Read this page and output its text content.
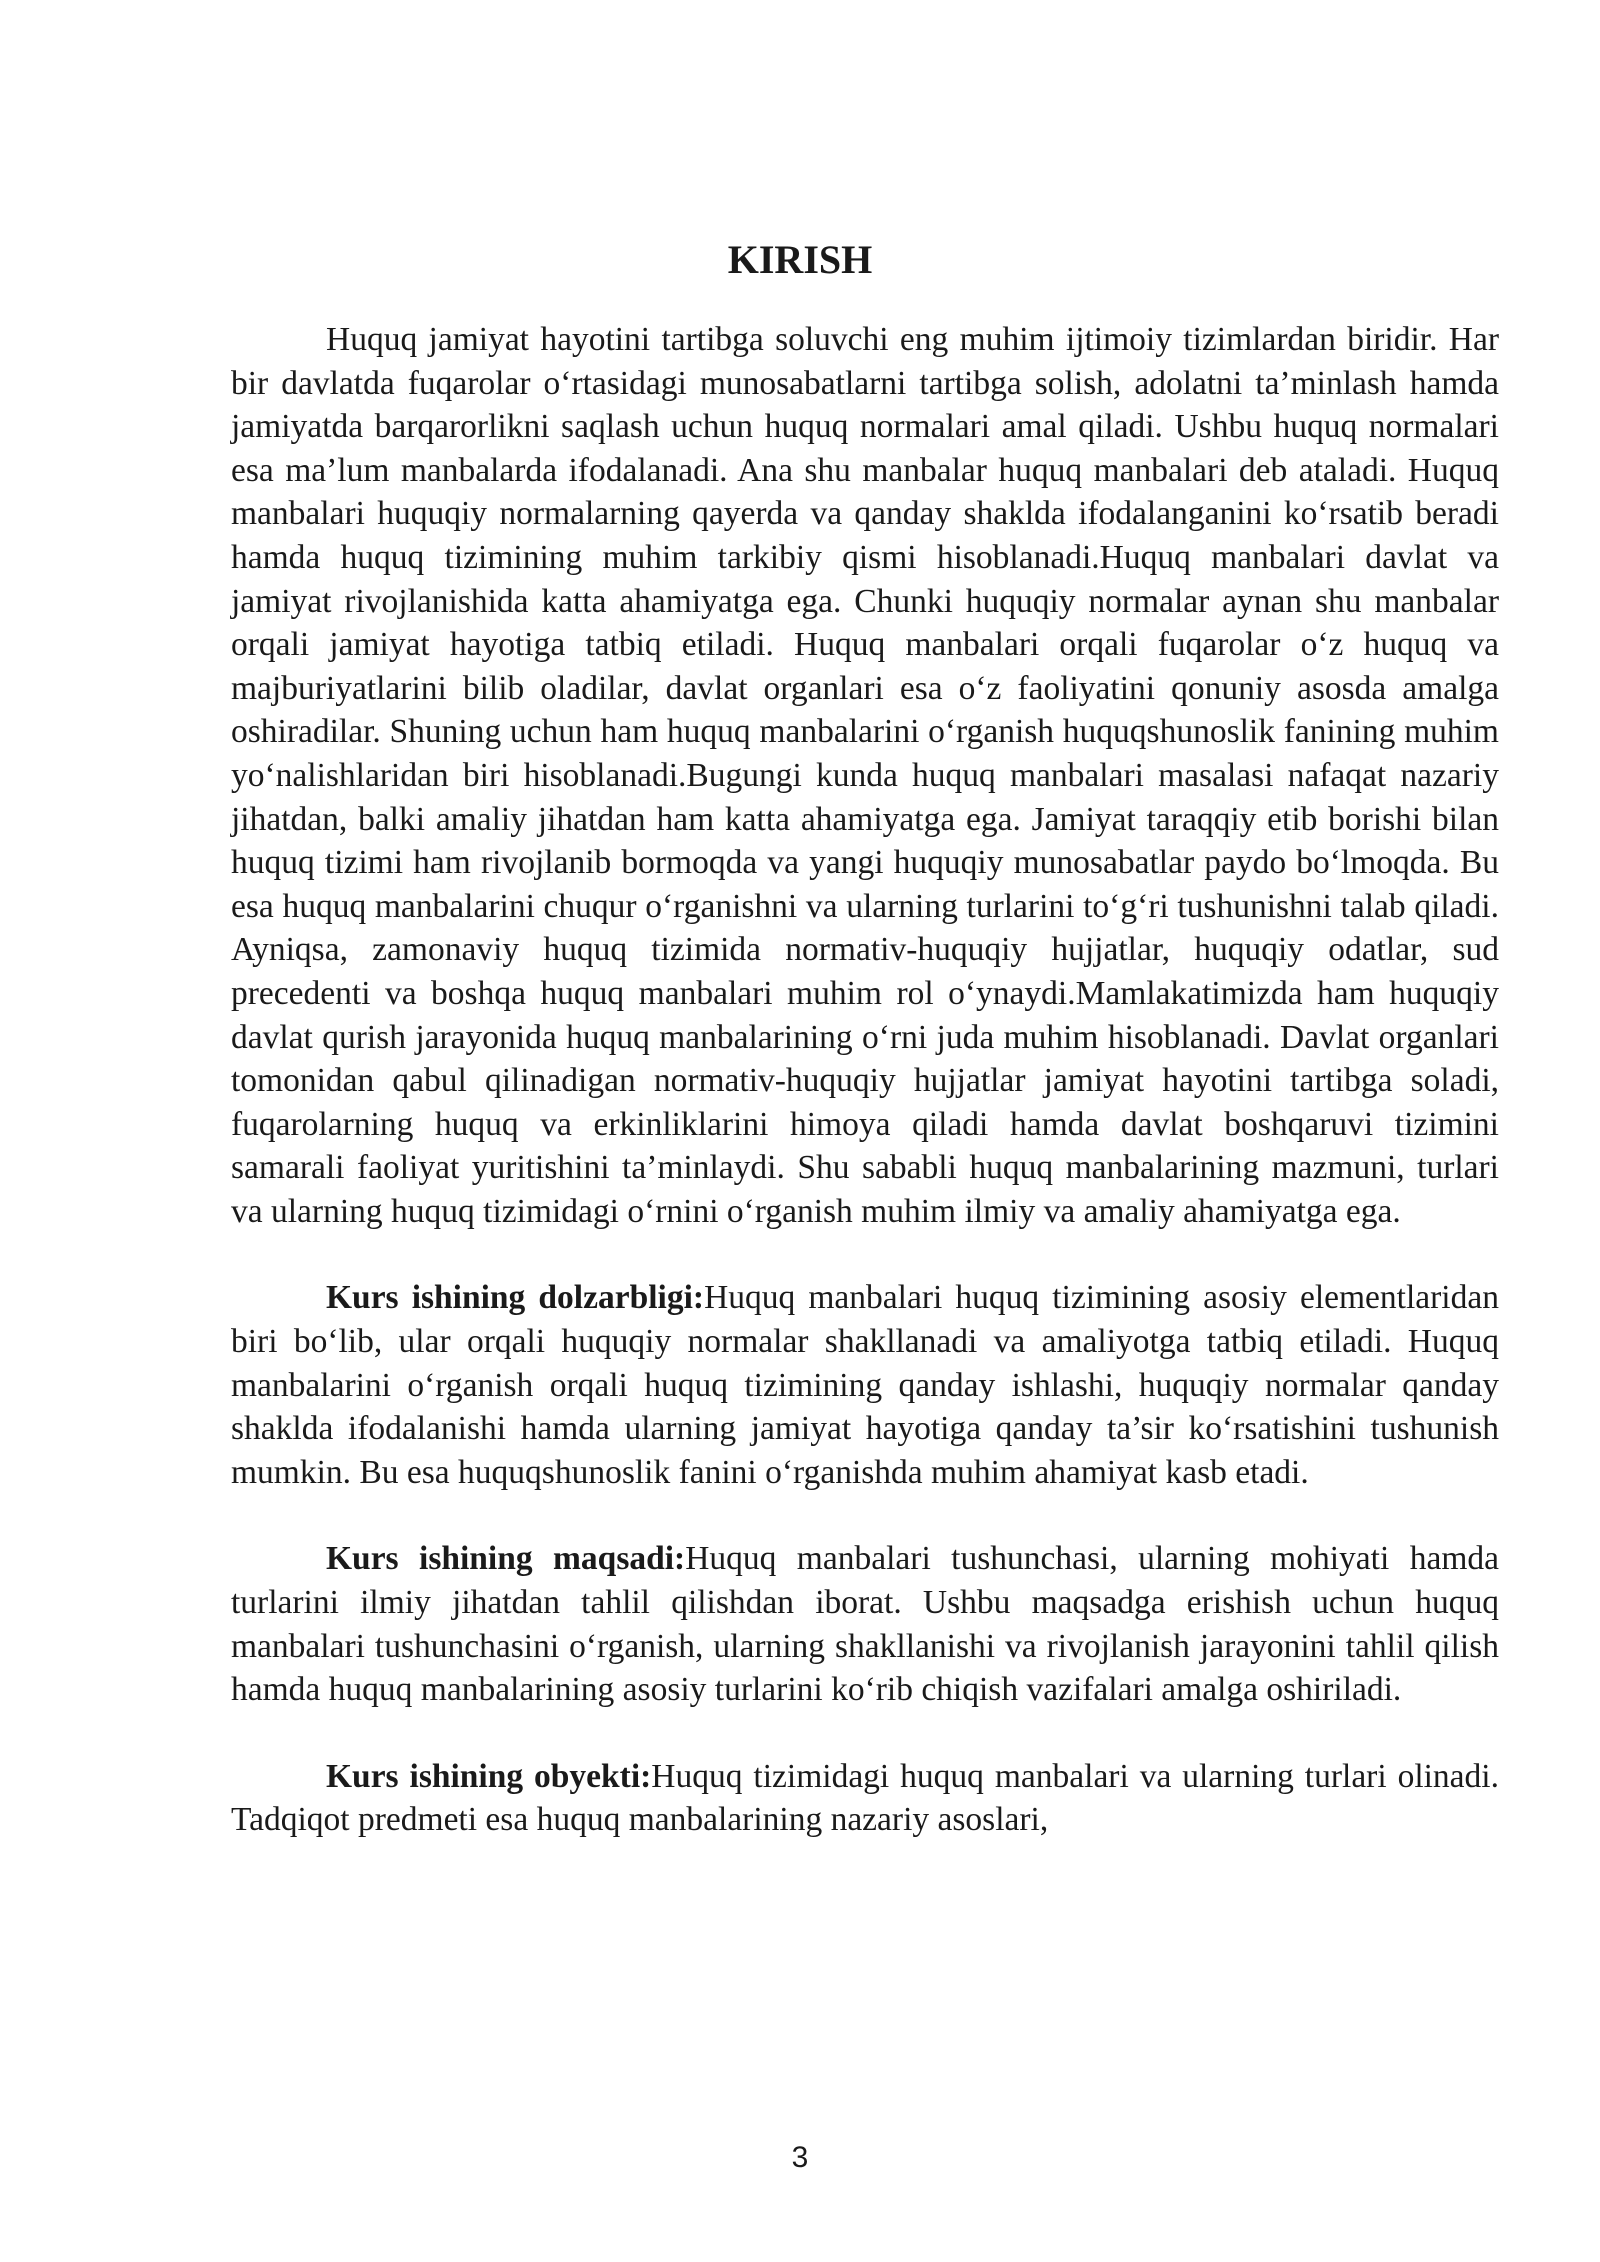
KIRISH

Huquq jamiyat hayotini tartibga soluvchi eng muhim ijtimoiy tizimlardan biridir. Har bir davlatda fuqarolar o‘rtasidagi munosabatlarni tartibga solish, adolatni ta’minlash hamda jamiyatda barqarorlikni saqlash uchun huquq normalari amal qiladi. Ushbu huquq normalari esa ma’lum manbalarda ifodalanadi. Ana shu manbalar huquq manbalari deb ataladi. Huquq manbalari huquqiy normalarning qayerda va qanday shaklda ifodalanganini ko‘rsatib beradi hamda huquq tizimining muhim tarkibiy qismi hisoblanadi.Huquq manbalari davlat va jamiyat rivojlanishida katta ahamiyatga ega. Chunki huquqiy normalar aynan shu manbalar orqali jamiyat hayotiga tatbiq etiladi. Huquq manbalari orqali fuqarolar o‘z huquq va majburiyatlarini bilib oladilar, davlat organlari esa o‘z faoliyatini qonuniy asosda amalga oshiradilar. Shuning uchun ham huquq manbalarini o‘rganish huquqshunoslik fanining muhim yo‘nalishlaridan biri hisoblanadi.Bugungi kunda huquq manbalari masalasi nafaqat nazariy jihatdan, balki amaliy jihatdan ham katta ahamiyatga ega. Jamiyat taraqqiy etib borishi bilan huquq tizimi ham rivojlanib bormoqda va yangi huquqiy munosabatlar paydo bo‘lmoqda. Bu esa huquq manbalarini chuqur o‘rganishni va ularning turlarini to‘g‘ri tushunishni talab qiladi. Ayniqsa, zamonaviy huquq tizimida normativ-huquqiy hujjatlar, huquqiy odatlar, sud precedenti va boshqa huquq manbalari muhim rol o‘ynaydi.Mamlakatimizda ham huquqiy davlat qurish jarayonida huquq manbalarining o‘rni juda muhim hisoblanadi. Davlat organlari tomonidan qabul qilinadigan normativ-huquqiy hujjatlar jamiyat hayotini tartibga soladi, fuqarolarning huquq va erkinliklarini himoya qiladi hamda davlat boshqaruvi tizimini samarali faoliyat yuritishini ta’minlaydi. Shu sababli huquq manbalarining mazmuni, turlari va ularning huquq tizimidagi o‘rnini o‘rganish muhim ilmiy va amaliy ahamiyatga ega.

Kurs ishining dolzarbligi:Huquq manbalari huquq tizimining asosiy elementlaridan biri bo‘lib, ular orqali huquqiy normalar shakllanadi va amaliyotga tatbiq etiladi. Huquq manbalarini o‘rganish orqali huquq tizimining qanday ishlashi, huquqiy normalar qanday shaklda ifodalanishi hamda ularning jamiyat hayotiga qanday ta’sir ko‘rsatishini tushunish mumkin. Bu esa huquqshunoslik fanini o‘rganishda muhim ahamiyat kasb etadi.

Kurs ishining maqsadi:Huquq manbalari tushunchasi, ularning mohiyati hamda turlarini ilmiy jihatdan tahlil qilishdan iborat. Ushbu maqsadga erishish uchun huquq manbalari tushunchasini o‘rganish, ularning shakllanishi va rivojlanish jarayonini tahlil qilish hamda huquq manbalarining asosiy turlarini ko‘rib chiqish vazifalari amalga oshiriladi.

Kurs ishining obyekti:Huquq tizimidagi huquq manbalari va ularning turlari olinadi. Tadqiqot predmeti esa huquq manbalarining nazariy asoslari,

3
